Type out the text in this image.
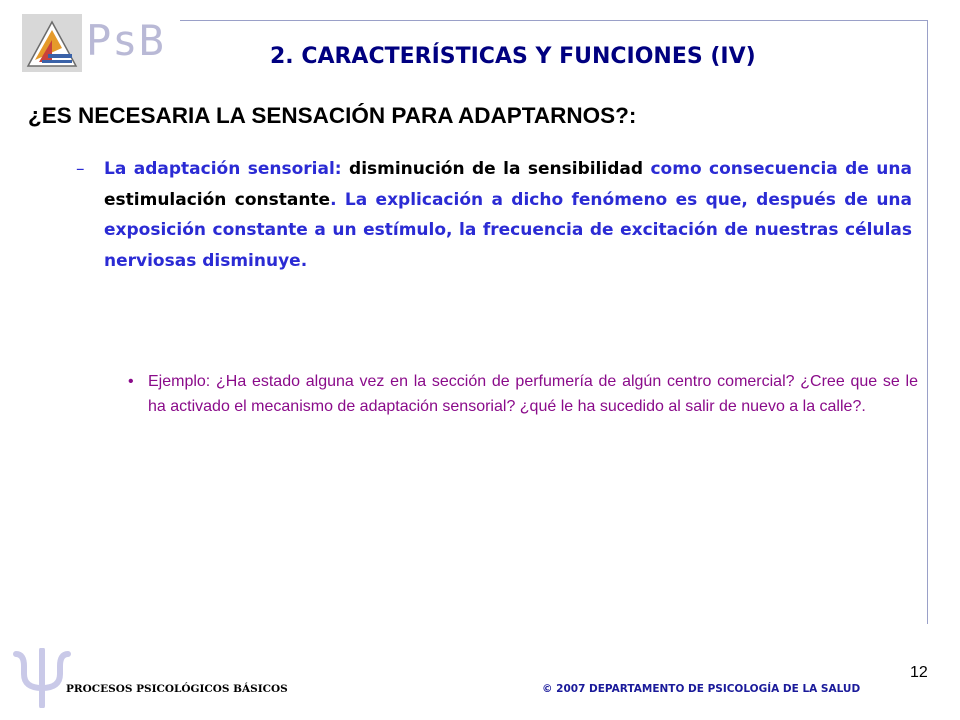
PsB	2. CARACTERÍSTICAS Y FUNCIONES (IV)
¿ES NECESARIA LA SENSACIÓN PARA ADAPTARNOS?:
– La adaptación sensorial: disminución de la sensibilidad como consecuencia de una estimulación constante. La explicación a dicho fenómeno es que, después de una exposición constante a un estímulo, la frecuencia de excitación de nuestras células nerviosas disminuye.
• Ejemplo: ¿Ha estado alguna vez en la sección de perfumería de algún centro comercial? ¿Cree que se le ha activado el mecanismo de adaptación sensorial? ¿qué le ha sucedido al salir de nuevo a la calle?.
PROCESOS PSICOLÓGICOS BÁSICOS	© 2007 DEPARTAMENTO DE PSICOLOGÍA DE LA SALUD
12
